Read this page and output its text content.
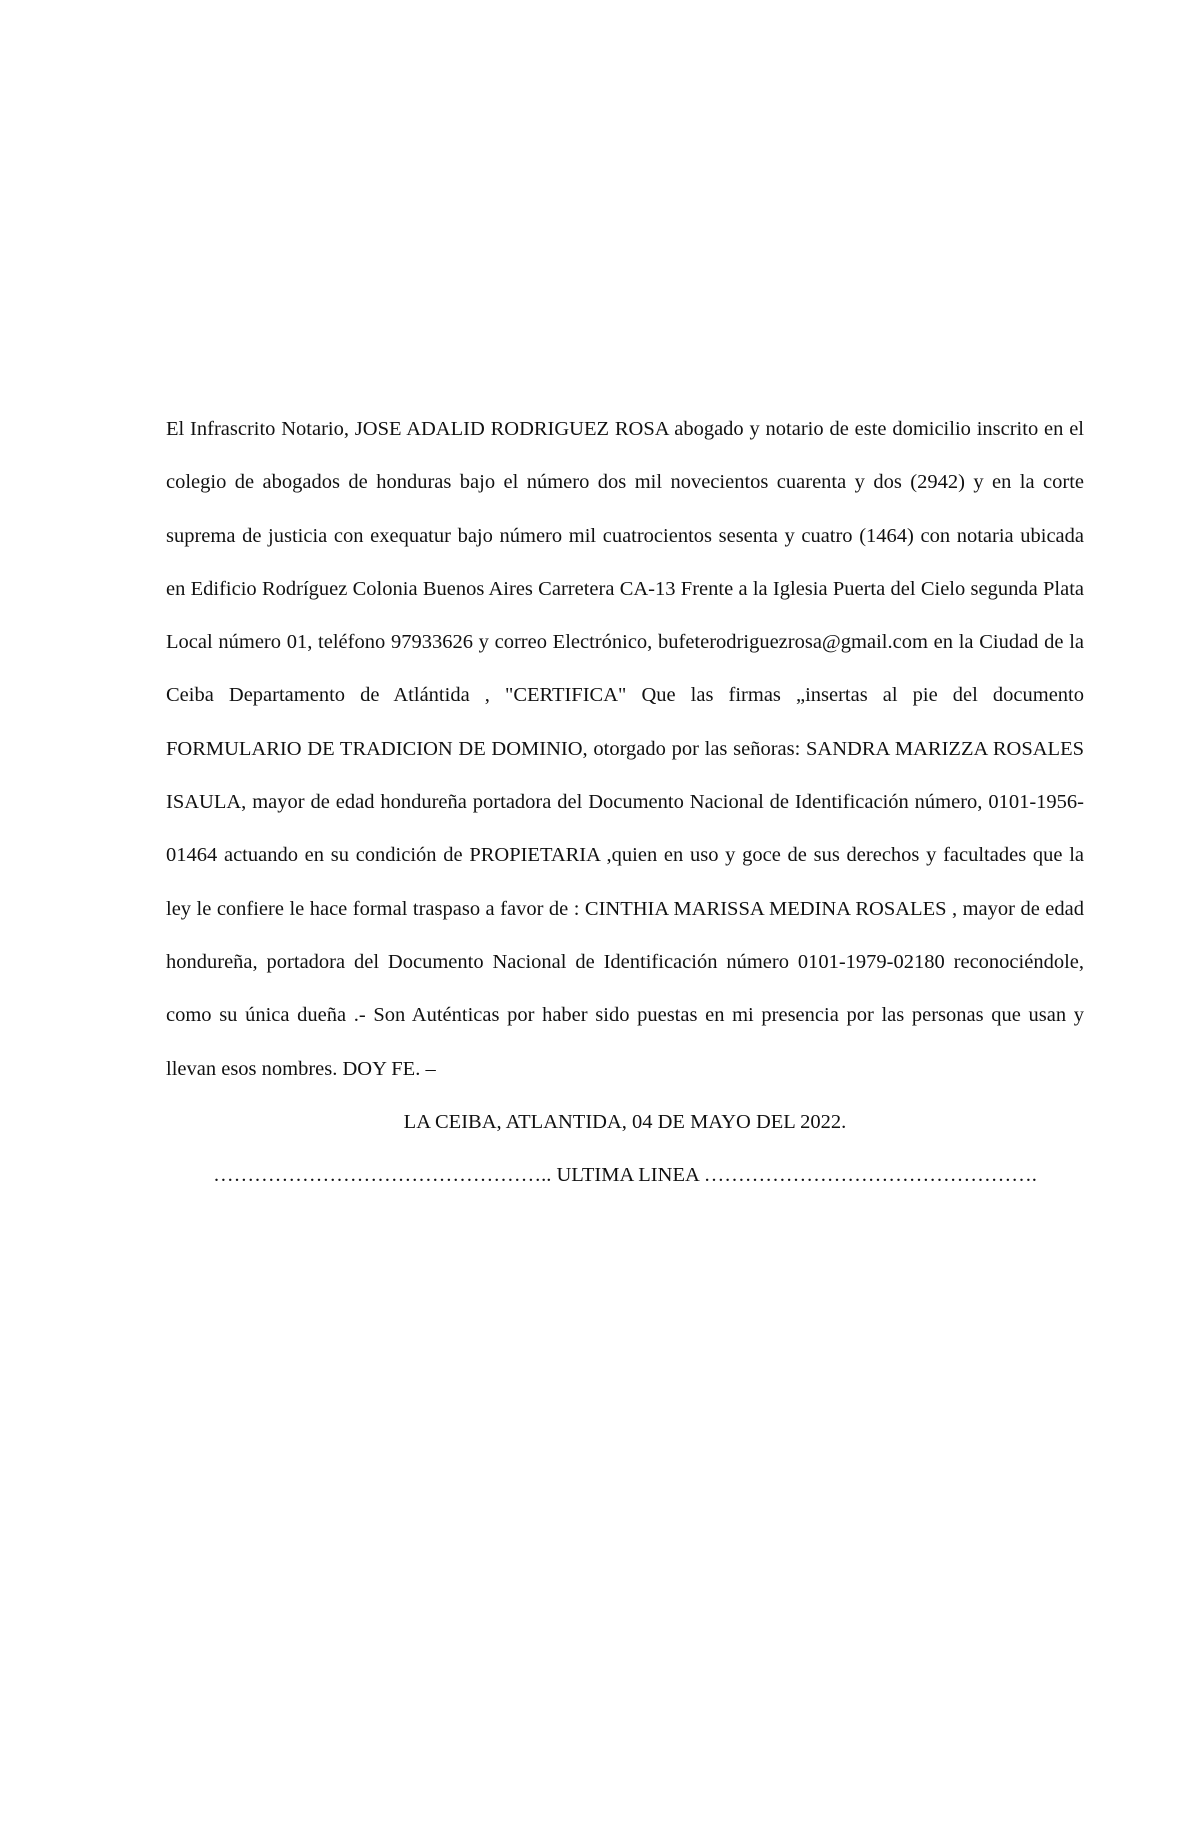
El Infrascrito Notario, JOSE ADALID RODRIGUEZ ROSA abogado y notario de este domicilio inscrito en el colegio de abogados de honduras bajo el número dos mil novecientos cuarenta y dos (2942) y en la corte suprema de justicia con exequatur bajo número mil cuatrocientos sesenta y cuatro (1464) con notaria ubicada en Edificio Rodríguez Colonia Buenos Aires Carretera CA-13 Frente a la Iglesia Puerta del Cielo segunda Plata Local número 01, teléfono 97933626 y correo Electrónico, bufeterodriguezrosa@gmail.com en la Ciudad de la Ceiba Departamento de Atlántida , "CERTIFICA" Que las firmas „insertas al pie del documento FORMULARIO DE TRADICION DE DOMINIO, otorgado por las señoras: SANDRA MARIZZA ROSALES ISAULA, mayor de edad hondureña portadora del Documento Nacional de Identificación número, 0101-1956-01464 actuando en su condición de PROPIETARIA ,quien en uso y goce de sus derechos y facultades que la ley le confiere le hace formal traspaso a favor de : CINTHIA MARISSA MEDINA ROSALES , mayor de edad hondureña, portadora del Documento Nacional de Identificación número 0101-1979-02180 reconociéndole, como su única dueña .- Son Auténticas por haber sido puestas en mi presencia por las personas que usan y llevan esos nombres. DOY FE. –

LA CEIBA, ATLANTIDA, 04 DE MAYO DEL 2022.

………………………………………….. ULTIMA LINEA ………………………………………….
